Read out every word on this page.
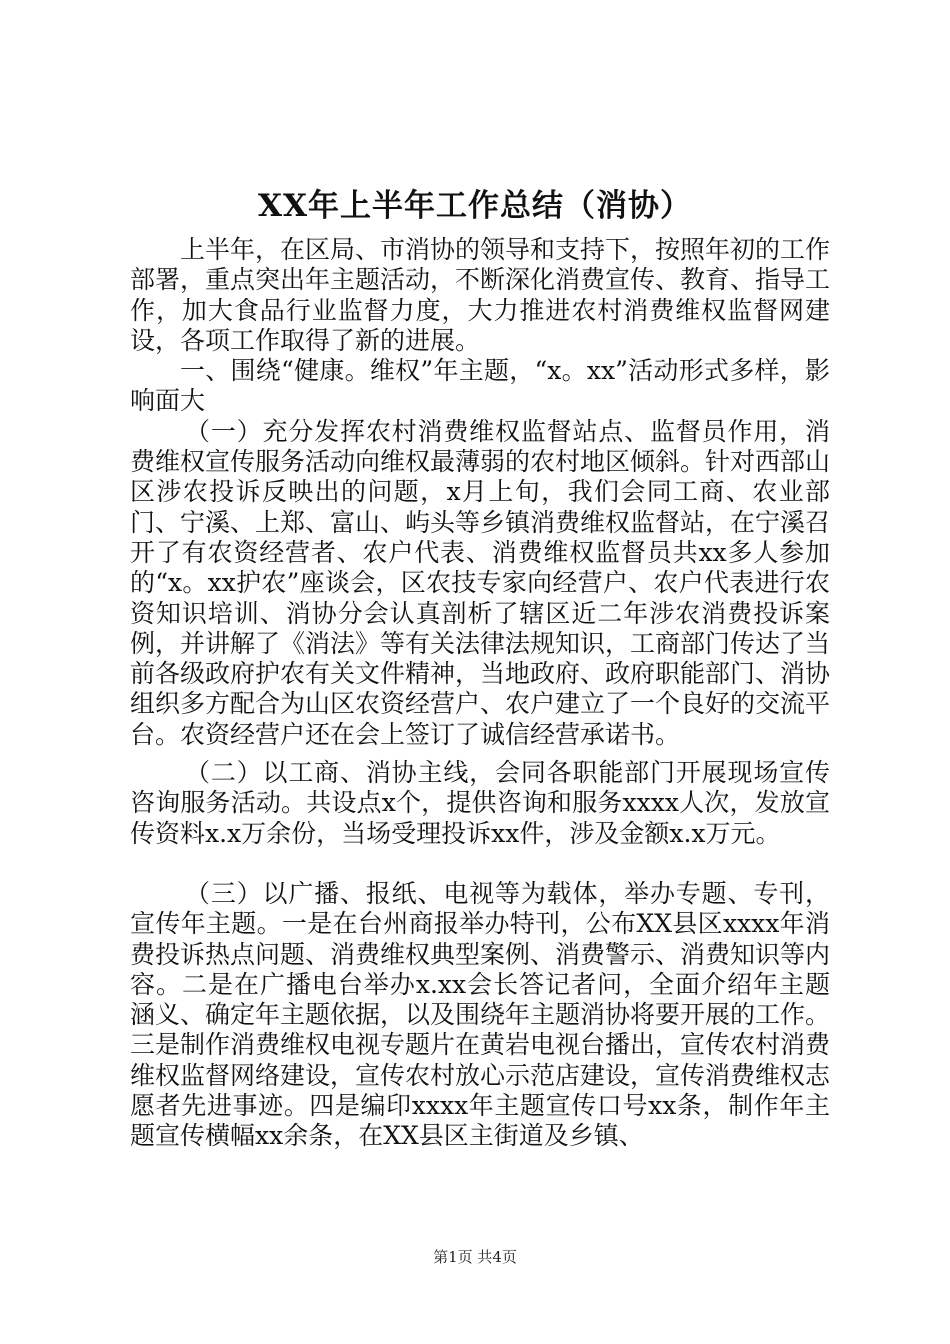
XX年上半年工作总结（消协）

上半年，在区局、市消协的领导和支持下，按照年初的工作部署，重点突出年主题活动，不断深化消费宣传、教育、指导工作，加大食品行业监督力度，大力推进农村消费维权监督网建设，各项工作取得了新的进展。

一、围绕“健康。维权”年主题，“x。xx”活动形式多样，影响面大

（一）充分发挥农村消费维权监督站点、监督员作用，消费维权宣传服务活动向维权最薄弱的农村地区倾斜。针对西部山区涉农投诉反映出的问题，x月上旬，我们会同工商、农业部门、宁溪、上郑、富山、屿头等乡镇消费维权监督站，在宁溪召开了有农资经营者、农户代表、消费维权监督员共xx多人参加的“x。xx护农”座谈会，区农技专家向经营户、农户代表进行农资知识培训、消协分会认真剖析了辖区近二年涉农消费投诉案例，并讲解了《消法》等有关法律法规知识，工商部门传达了当前各级政府护农有关文件精神，当地政府、政府职能部门、消协组织多方配合为山区农资经营户、农户建立了一个良好的交流平台。农资经营户还在会上签订了诚信经营承诺书。

（二）以工商、消协主线，会同各职能部门开展现场宣传咨询服务活动。共设点x个，提供咨询和服务xxxx人次，发放宣传资料x.x万余份，当场受理投诉xx件，涉及金额x.x万元。

（三）以广播、报纸、电视等为载体，举办专题、专刊，宣传年主题。一是在台州商报举办特刊，公布XX县区xxxx年消费投诉热点问题、消费维权典型案例、消费警示、消费知识等内容。二是在广播电台举办x.xx会长答记者问，全面介绍年主题涵义、确定年主题依据，以及围绕年主题消协将要开展的工作。三是制作消费维权电视专题片在黄岩电视台播出，宣传农村消费维权监督网络建设，宣传农村放心示范店建设，宣传消费维权志愿者先进事迹。四是编印xxxx年主题宣传口号xx条，制作年主题宣传横幅xx余条，在XX县区主街道及乡镇、

第1页 共4页
